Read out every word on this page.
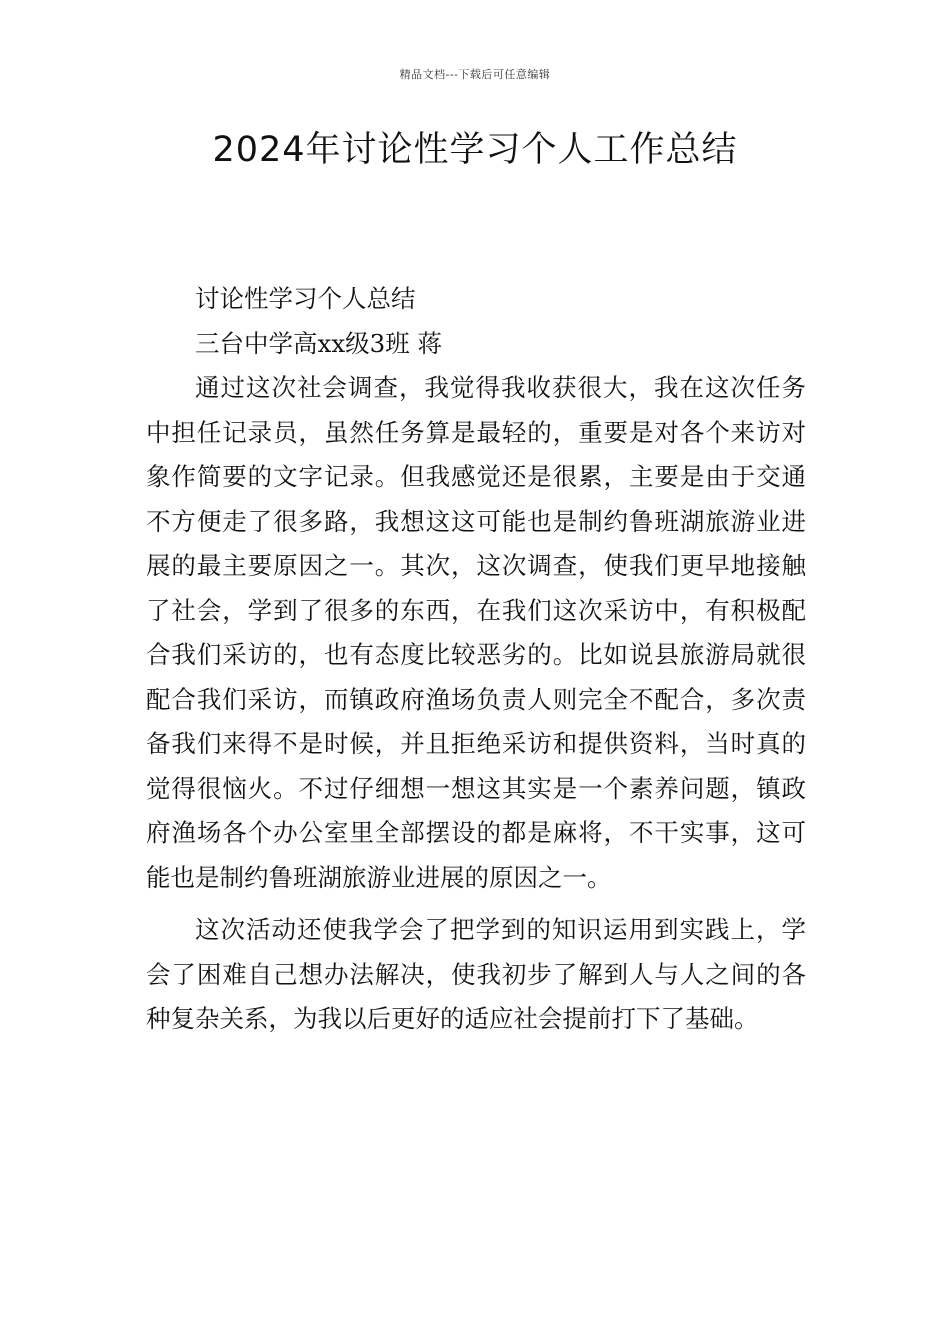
精品文档---下载后可任意编辑
2024年讨论性学习个人工作总结

讨论性学习个人总结

三台中学高xx级3班 蒋

通过这次社会调查，我觉得我收获很大，我在这次任务中担任记录员，虽然任务算是最轻的，重要是对各个来访对象作简要的文字记录。但我感觉还是很累，主要是由于交通不方便走了很多路，我想这这可能也是制约鲁班湖旅游业进展的最主要原因之一。其次，这次调查，使我们更早地接触了社会，学到了很多的东西，在我们这次采访中，有积极配合我们采访的，也有态度比较恶劣的。比如说县旅游局就很配合我们采访，而镇政府渔场负责人则完全不配合，多次责备我们来得不是时候，并且拒绝采访和提供资料，当时真的觉得很恼火。不过仔细想一想这其实是一个素养问题，镇政府渔场各个办公室里全部摆设的都是麻将，不干实事，这可能也是制约鲁班湖旅游业进展的原因之一。

这次活动还使我学会了把学到的知识运用到实践上，学会了困难自己想办法解决，使我初步了解到人与人之间的各种复杂关系，为我以后更好的适应社会提前打下了基础。
